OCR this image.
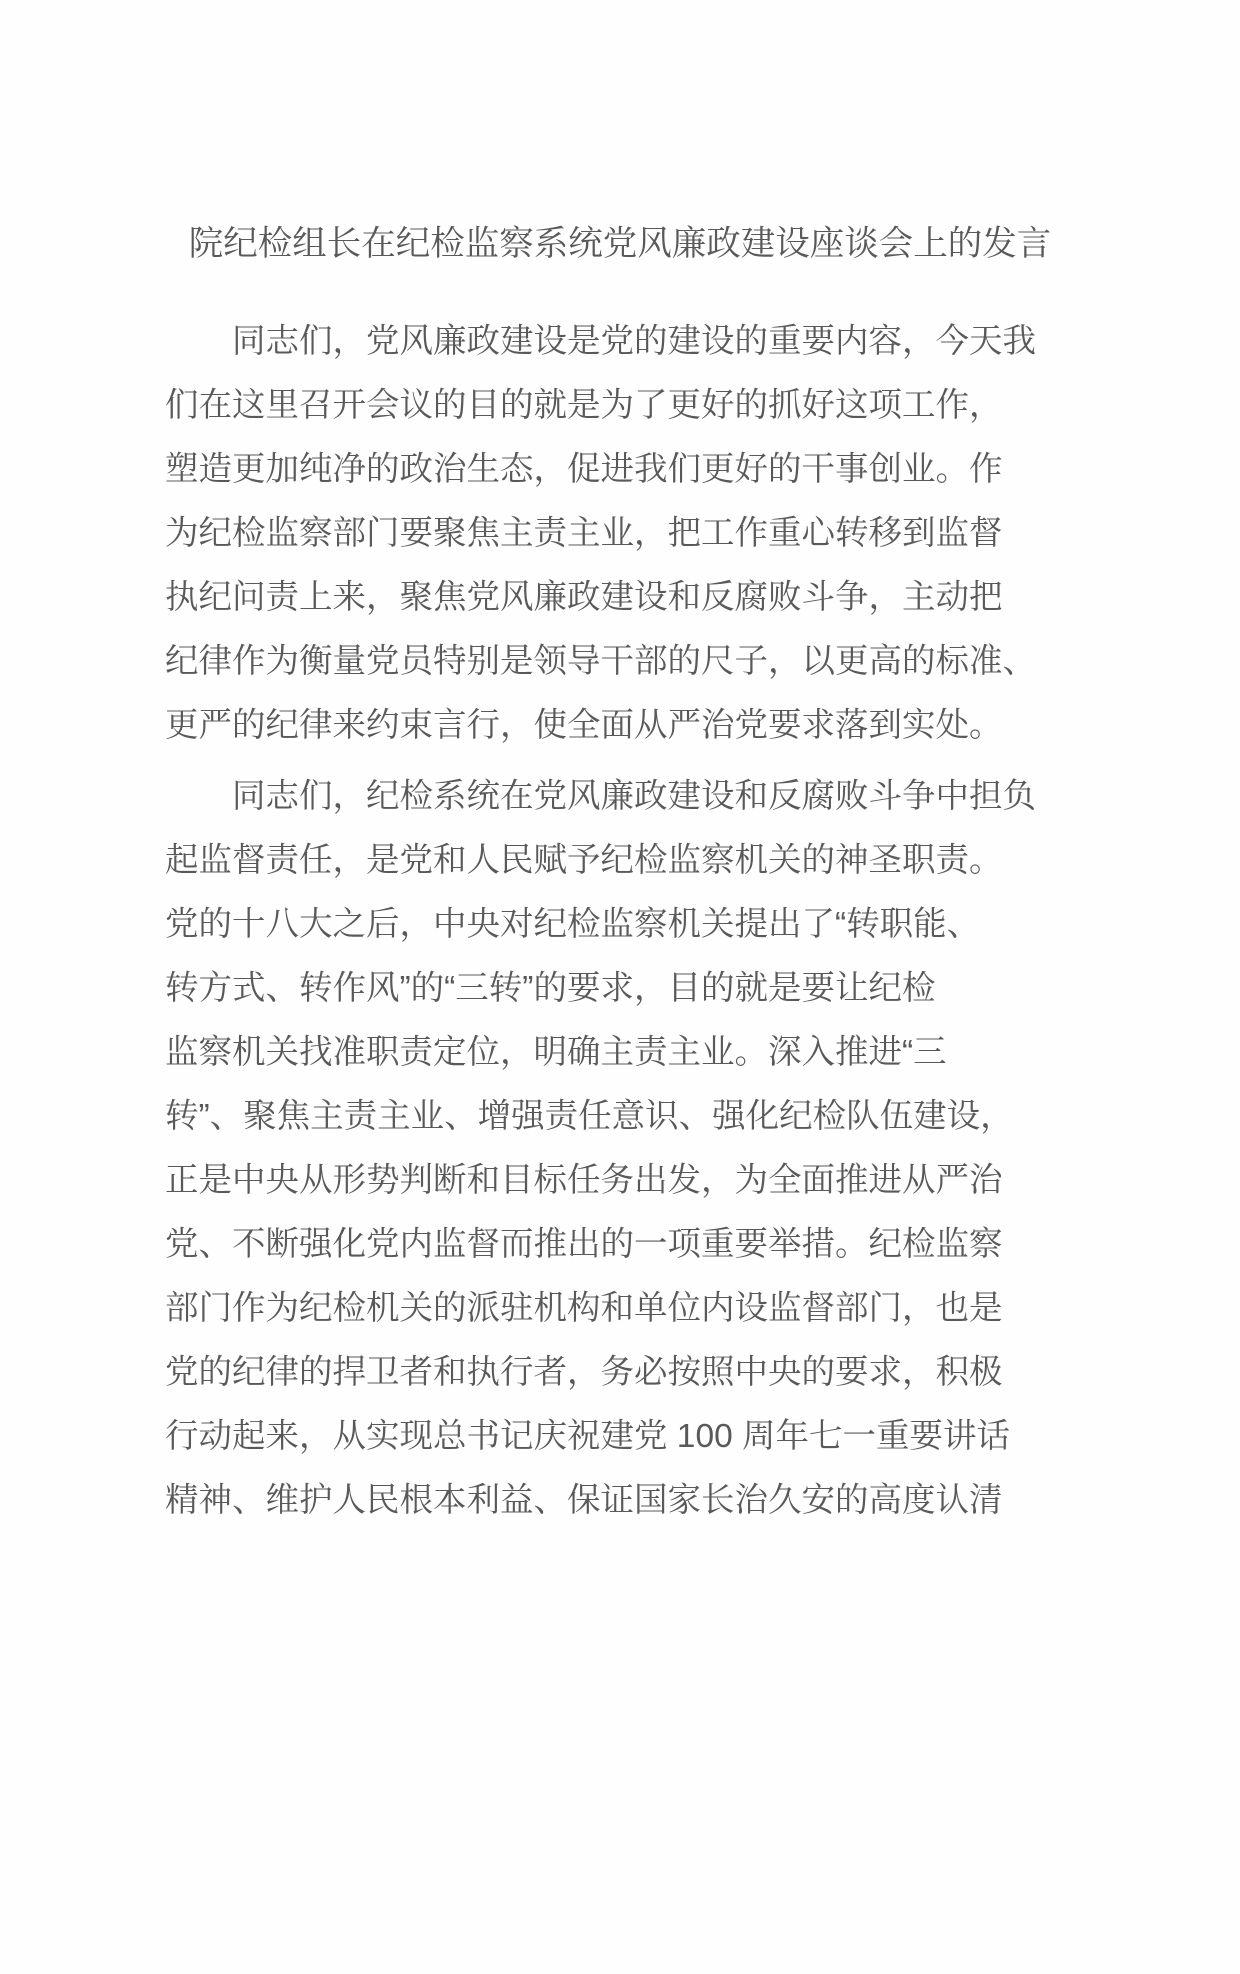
院纪检组长在纪检监察系统党风廉政建设座谈会上的发言
　　同志们，党风廉政建设是党的建设的重要内容，今天我
们在这里召开会议的目的就是为了更好的抓好这项工作，
塑造更加纯净的政治生态，促进我们更好的干事创业。作
为纪检监察部门要聚焦主责主业，把工作重心转移到监督
执纪问责上来，聚焦党风廉政建设和反腐败斗争，主动把
纪律作为衡量党员特别是领导干部的尺子，以更高的标准、
更严的纪律来约束言行，使全面从严治党要求落到实处。
　　同志们，纪检系统在党风廉政建设和反腐败斗争中担负
起监督责任，是党和人民赋予纪检监察机关的神圣职责。
党的十八大之后，中央对纪检监察机关提出了“转职能、
转方式、转作风”的“三转”的要求，目的就是要让纪检
监察机关找准职责定位，明确主责主业。深入推进“三
转”、聚焦主责主业、增强责任意识、强化纪检队伍建设，
正是中央从形势判断和目标任务出发，为全面推进从严治
党、不断强化党内监督而推出的一项重要举措。纪检监察
部门作为纪检机关的派驻机构和单位内设监督部门，也是
党的纪律的捍卫者和执行者，务必按照中央的要求，积极
行动起来，从实现总书记庆祝建党 100 周年七一重要讲话
精神、维护人民根本利益、保证国家长治久安的高度认清
